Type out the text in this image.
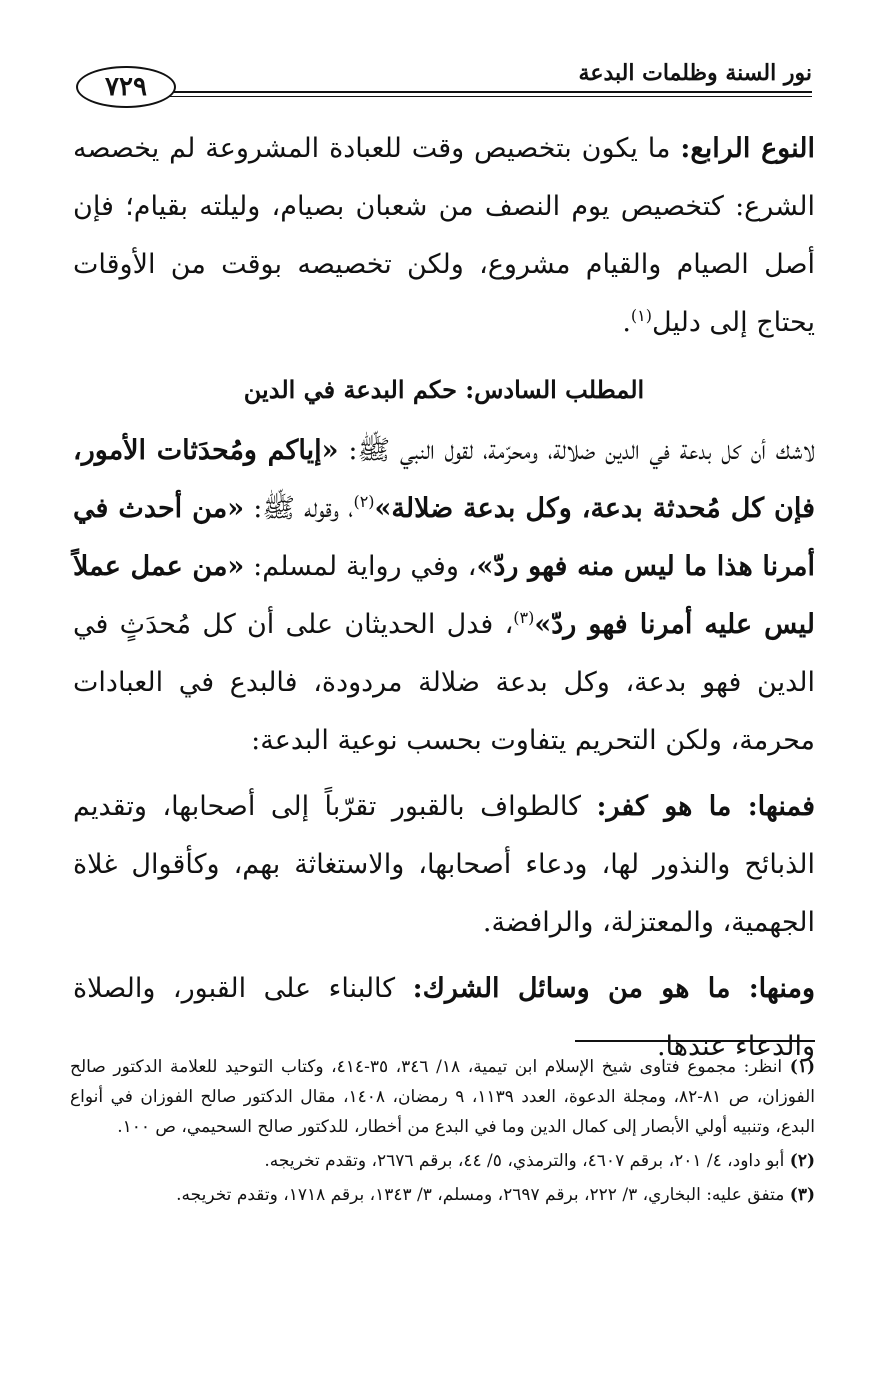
نور السنة وظلمات البدعة
٧٢٩

النوع الرابع: ما يكون بتخصيص وقت للعبادة المشروعة لم يخصصه الشرع: كتخصيص يوم النصف من شعبان بصيام، وليلته بقيام؛ فإن أصل الصيام والقيام مشروع، ولكن تخصيصه بوقت من الأوقات يحتاج إلى دليل$^{(١)}$.

المطلب السادس: حكم البدعة في الدين

لاشك أن كل بدعة في الدين ضلالة، ومحرّمة، لقول النبي ﷺ: «إياكم ومُحدَثات الأمور، فإن كل مُحدثة بدعة، وكل بدعة ضلالة»$^{(٢)}$، وقوله ﷺ: «من أحدث في أمرنا هذا ما ليس منه فهو ردّ»، وفي رواية لمسلم: «من عمل عملاً ليس عليه أمرنا فهو ردّ»$^{(٣)}$، فدل الحديثان على أن كل مُحدَثٍ في الدين فهو بدعة، وكل بدعة ضلالة مردودة، فالبدع في العبادات محرمة، ولكن التحريم يتفاوت بحسب نوعية البدعة:

فمنها: ما هو كفر: كالطواف بالقبور تقرّباً إلى أصحابها، وتقديم الذبائح والنذور لها، ودعاء أصحابها، والاستغاثة بهم، وكأقوال غلاة الجهمية، والمعتزلة، والرافضة.

ومنها: ما هو من وسائل الشرك: كالبناء على القبور، والصلاة والدعاء عندها.

(١) انظر: مجموع فتاوى شيخ الإسلام ابن تيمية، ١٨/ ٣٤٦، ٣٥-٤١٤، وكتاب التوحيد للعلامة الدكتور صالح الفوزان، ص ٨١-٨٢، ومجلة الدعوة، العدد ١١٣٩، ٩ رمضان، ١٤٠٨، مقال الدكتور صالح الفوزان في أنواع البدع، وتنبيه أولي الأبصار إلى كمال الدين وما في البدع من أخطار، للدكتور صالح السحيمي، ص ١٠٠.

(٢) أبو داود، ٤/ ٢٠١، برقم ٤٦٠٧، والترمذي، ٥/ ٤٤، برقم ٢٦٧٦، وتقدم تخريجه.

(٣) متفق عليه: البخاري، ٣/ ٢٢٢، برقم ٢٦٩٧، ومسلم، ٣/ ١٣٤٣، برقم ١٧١٨، وتقدم تخريجه.
